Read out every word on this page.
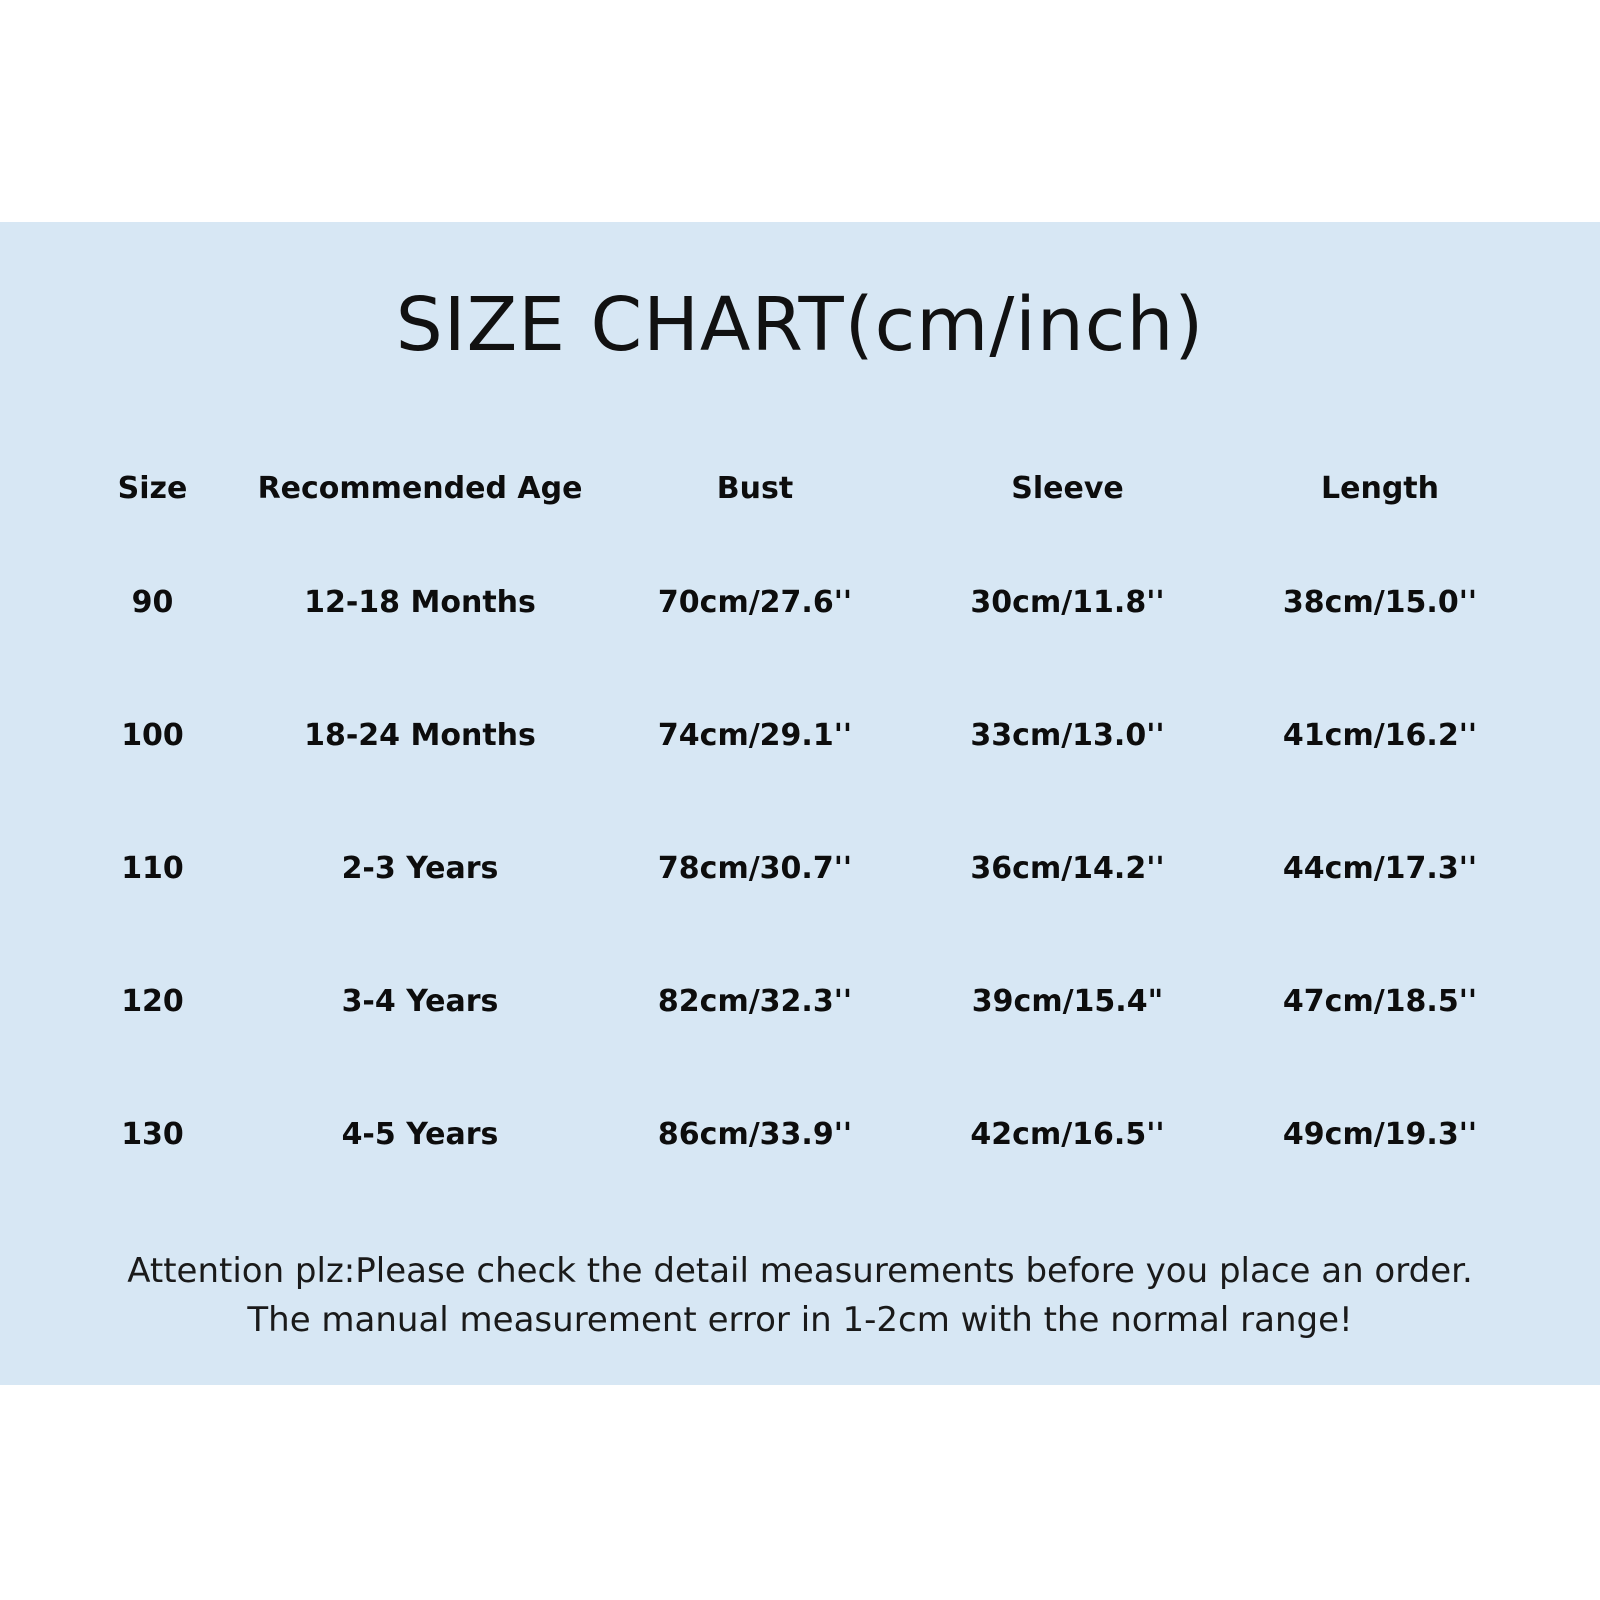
SIZE CHART(cm/inch)
Size	Recommended Age	Bust	Sleeve	Length
90	12-18 Months	70cm/27.6''	30cm/11.8''	38cm/15.0''
100	18-24 Months	74cm/29.1''	33cm/13.0''	41cm/16.2''
110	2-3 Years	78cm/30.7''	36cm/14.2''	44cm/17.3''
120	3-4 Years	82cm/32.3''	39cm/15.4"	47cm/18.5''
130	4-5 Years	86cm/33.9''	42cm/16.5''	49cm/19.3''
Attention plz:Please check the detail measurements before you place an order.
The manual measurement error in 1-2cm with the normal range!
